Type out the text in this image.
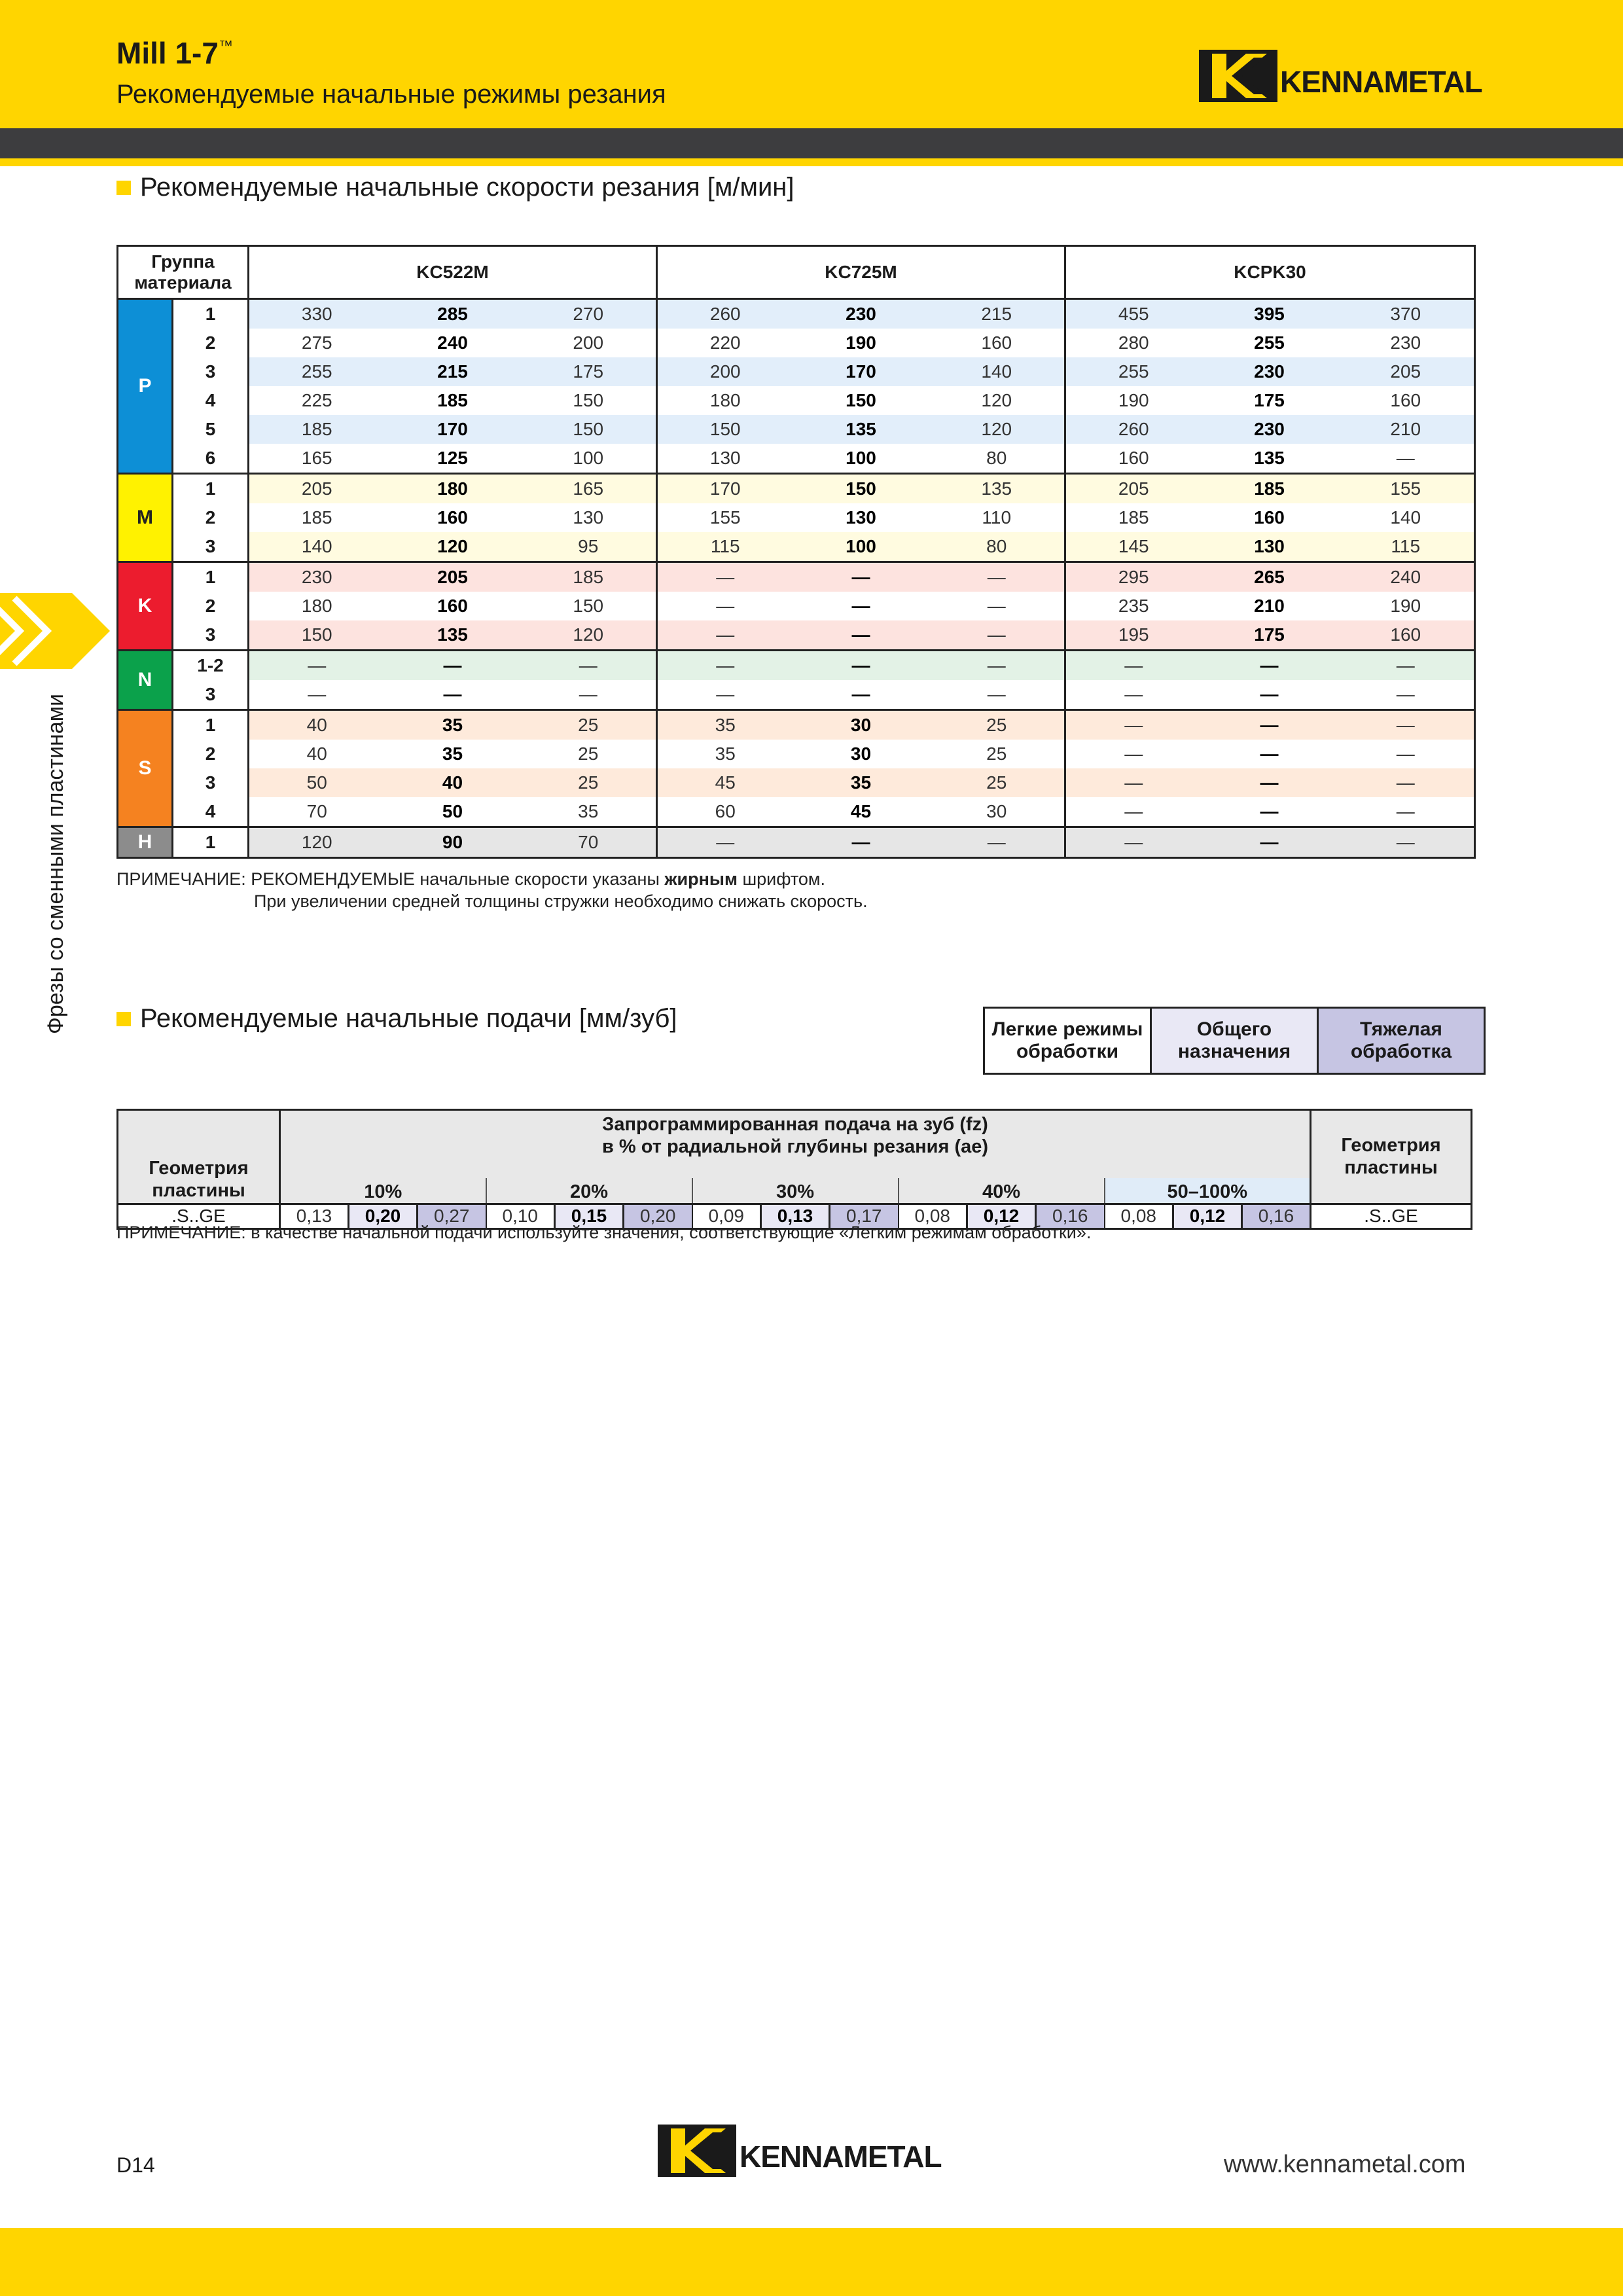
Mill 1-7™
Рекомендуемые начальные режимы резания	KENNAMETAL
Фрезы со сменными пластинами
Рекомендуемые начальные скорости резания [м/мин]
Группа материала		KC522M			KC725M			KCPK30		
P	1	330	285	270	260	230	215	455	395	370
	2	275	240	200	220	190	160	280	255	230
	3	255	215	175	200	170	140	255	230	205
	4	225	185	150	180	150	120	190	175	160
	5	185	170	150	150	135	120	260	230	210
	6	165	125	100	130	100	80	160	135	—
M	1	205	180	165	170	150	135	205	185	155
	2	185	160	130	155	130	110	185	160	140
	3	140	120	95	115	100	80	145	130	115
K	1	230	205	185	—	—	—	295	265	240
	2	180	160	150	—	—	—	235	210	190
	3	150	135	120	—	—	—	195	175	160
N	1-2	—	—	—	—	—	—	—	—	—
	3	—	—	—	—	—	—	—	—	—
S	1	40	35	25	35	30	25	—	—	—
	2	40	35	25	35	30	25	—	—	—
	3	50	40	25	45	35	25	—	—	—
	4	70	50	35	60	45	30	—	—	—
H	1	120	90	70	—	—	—	—	—	—
ПРИМЕЧАНИЕ: РЕКОМЕНДУЕМЫЕ начальные скорости указаны жирным шрифтом.
При увеличении средней толщины стружки необходимо снижать скорость.
Рекомендуемые начальные подачи [мм/зуб]	Легкие режимы обработки	Общего назначения	Тяжелая обработка
Геометрия пластины	Запрограммированная подача на зуб (fz)
в % от радиальной глубины резания (ae)															Геометрия пластины
	10%			20%			30%			40%			50–100%			
.S..GE	0,13	0,20	0,27	0,10	0,15	0,20	0,09	0,13	0,17	0,08	0,12	0,16	0,08	0,12	0,16	.S..GE
ПРИМЕЧАНИЕ: в качестве начальной подачи используйте значения, соответствующие «Легким режимам обработки».
D14	KENNAMETAL	www.kennametal.com
